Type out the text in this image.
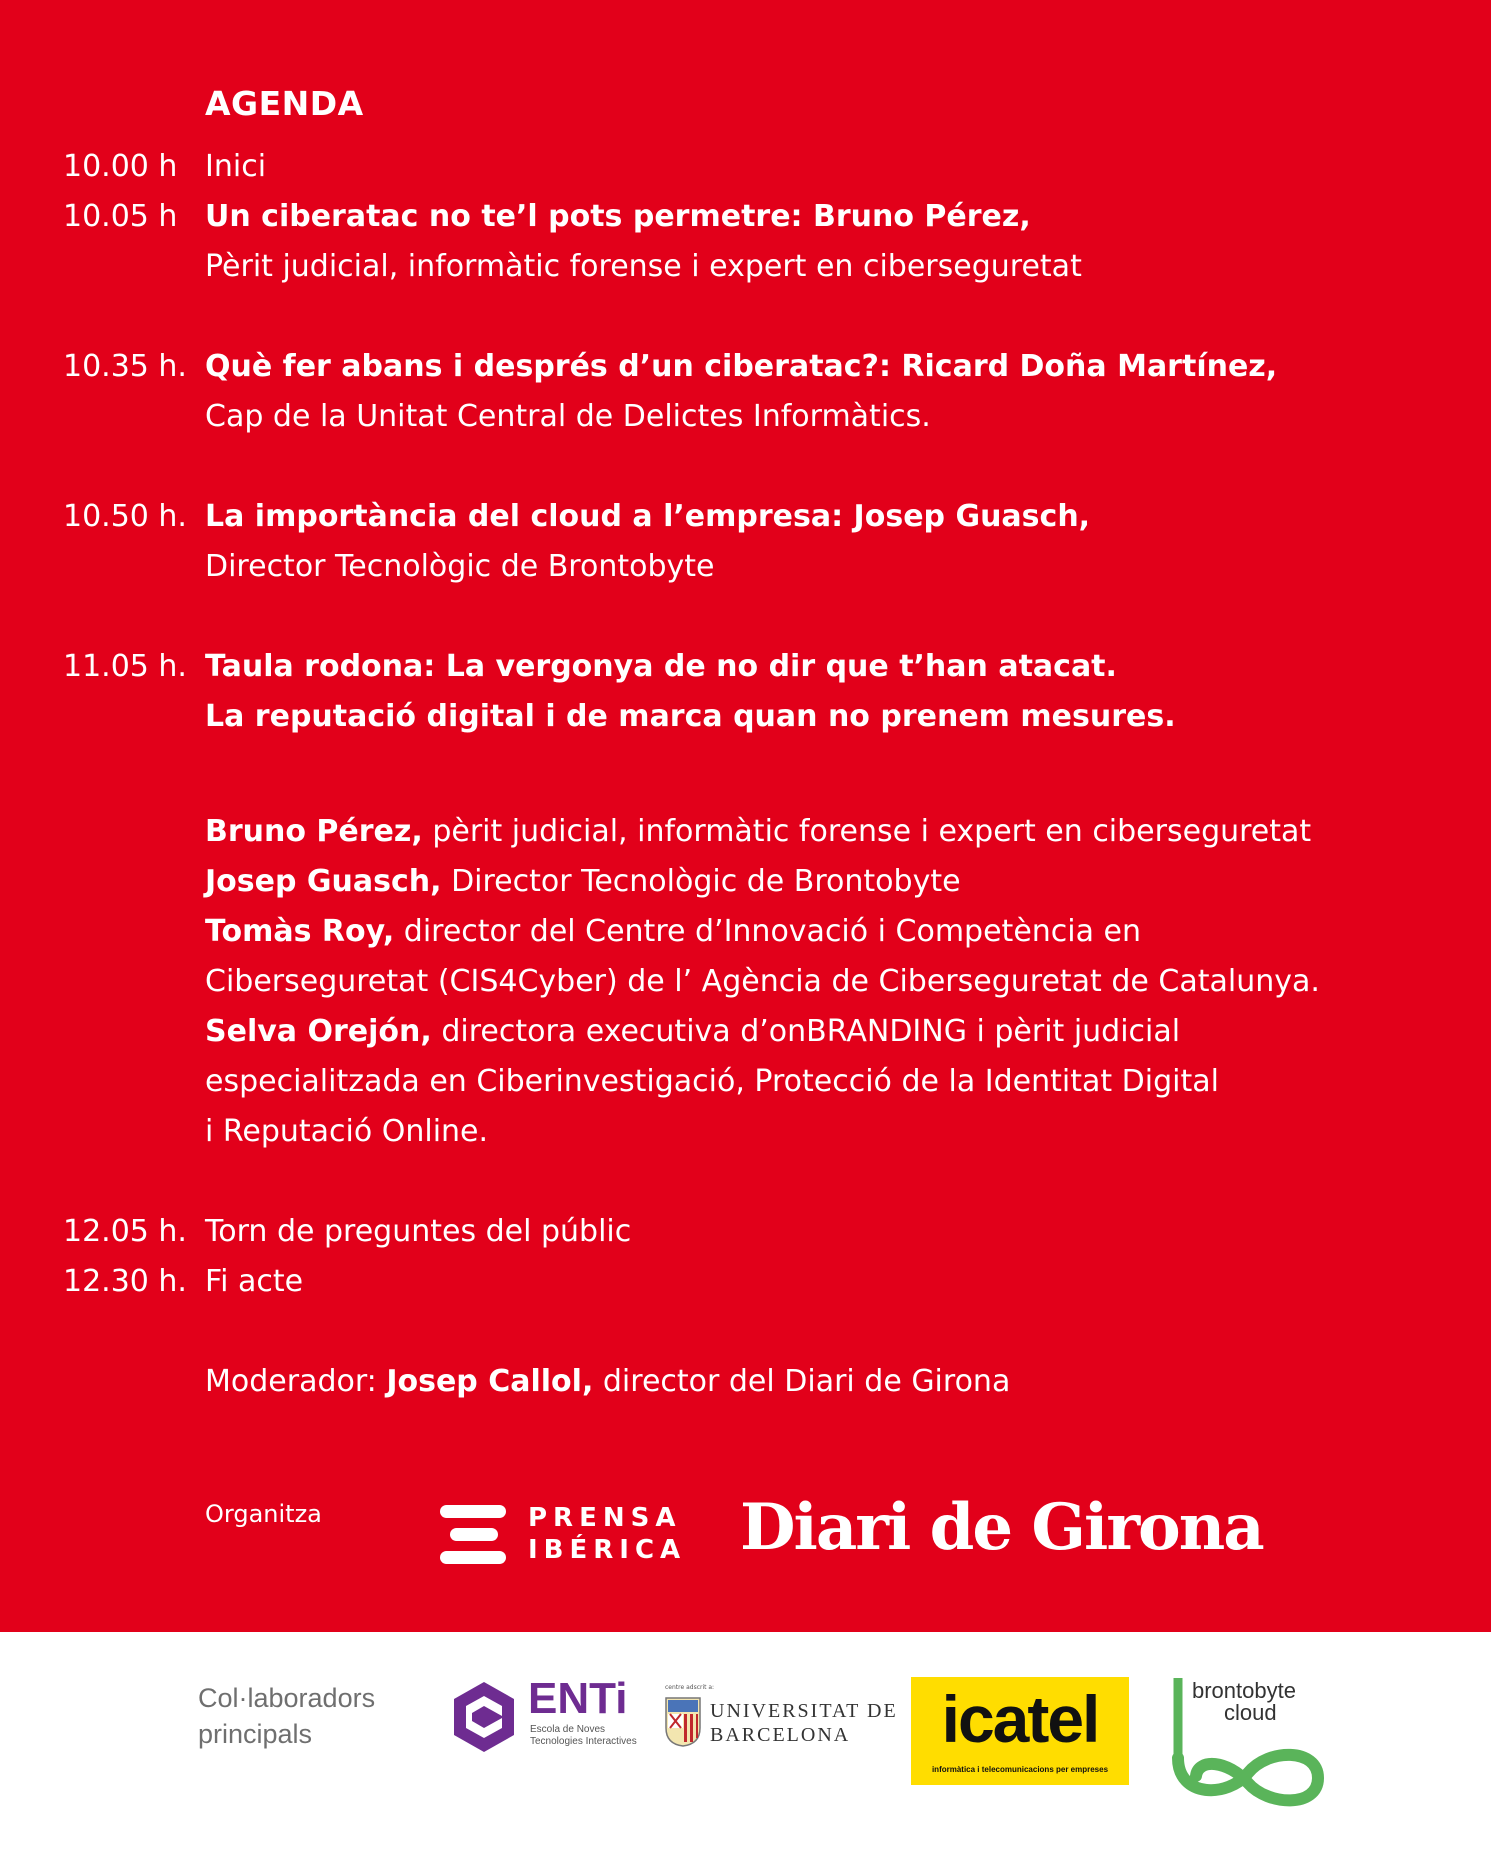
AGENDA
10.00 h Inici
10.05 h Un ciberatac no te’l pots permetre: Bruno Pérez,
Pèrit judicial, informàtic forense i expert en ciberseguretat
10.35 h. Què fer abans i després d’un ciberatac?: Ricard Doña Martínez,
Cap de la Unitat Central de Delictes Informàtics.
10.50 h. La importància del cloud a l’empresa: Josep Guasch,
Director Tecnològic de Brontobyte
11.05 h. Taula rodona: La vergonya de no dir que t’han atacat.
La reputació digital i de marca quan no prenem mesures.
Bruno Pérez, pèrit judicial, informàtic forense i expert en ciberseguretat
Josep Guasch, Director Tecnològic de Brontobyte
Tomàs Roy, director del Centre d’Innovació i Competència en
Ciberseguretat (CIS4Cyber) de l’ Agència de Ciberseguretat de Catalunya.
Selva Orejón, directora executiva d’onBRANDING i pèrit judicial
especialitzada en Ciberinvestigació, Protecció de la Identitat Digital
i Reputació Online.
12.05 h. Torn de preguntes del públic
12.30 h. Fi acte
Moderador: Josep Callol, director del Diari de Girona
Organitza	PRENSA
IBÉRICA Diari de Girona
Col·laboradors
principals
ENTi
Escola de Noves
Tecnologies Interactives
centre adscrit a:
UNIVERSITAT DE
BARCELONA	icatel
informàtica i telecomunicacions per empreses
brontobyte
cloud
